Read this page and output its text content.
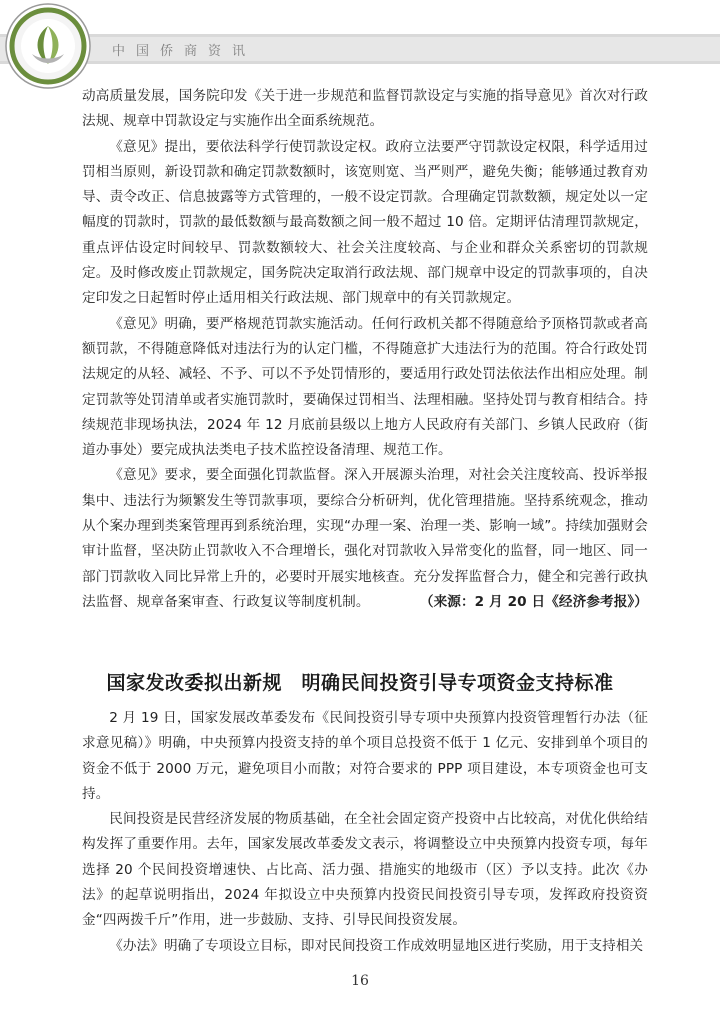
中国侨商资讯

动高质量发展，国务院印发《关于进一步规范和监督罚款设定与实施的指导意见》首次对行政法规、规章中罚款设定与实施作出全面系统规范。

《意见》提出，要依法科学行使罚款设定权。政府立法要严守罚款设定权限，科学适用过罚相当原则，新设罚款和确定罚款数额时，该宽则宽、当严则严，避免失衡；能够通过教育劝导、责令改正、信息披露等方式管理的，一般不设定罚款。合理确定罚款数额，规定处以一定幅度的罚款时，罚款的最低数额与最高数额之间一般不超过 10 倍。定期评估清理罚款规定，重点评估设定时间较早、罚款数额较大、社会关注度较高、与企业和群众关系密切的罚款规定。及时修改废止罚款规定，国务院决定取消行政法规、部门规章中设定的罚款事项的，自决定印发之日起暂时停止适用相关行政法规、部门规章中的有关罚款规定。

《意见》明确，要严格规范罚款实施活动。任何行政机关都不得随意给予顶格罚款或者高额罚款，不得随意降低对违法行为的认定门槛，不得随意扩大违法行为的范围。符合行政处罚法规定的从轻、减轻、不予、可以不予处罚情形的，要适用行政处罚法依法作出相应处理。制定罚款等处罚清单或者实施罚款时，要确保过罚相当、法理相融。坚持处罚与教育相结合。持续规范非现场执法，2024 年 12 月底前县级以上地方人民政府有关部门、乡镇人民政府（街道办事处）要完成执法类电子技术监控设备清理、规范工作。

《意见》要求，要全面强化罚款监督。深入开展源头治理，对社会关注度较高、投诉举报集中、违法行为频繁发生等罚款事项，要综合分析研判，优化管理措施。坚持系统观念，推动从个案办理到类案管理再到系统治理，实现“办理一案、治理一类、影响一域”。持续加强财会审计监督，坚决防止罚款收入不合理增长，强化对罚款收入异常变化的监督，同一地区、同一部门罚款收入同比异常上升的，必要时开展实地核查。充分发挥监督合力，健全和完善行政执法监督、规章备案审查、行政复议等制度机制。	（来源：2 月 20 日《经济参考报》）

国家发改委拟出新规　明确民间投资引导专项资金支持标准

2 月 19 日，国家发展改革委发布《民间投资引导专项中央预算内投资管理暂行办法（征求意见稿）》明确，中央预算内投资支持的单个项目总投资不低于 1 亿元、安排到单个项目的资金不低于 2000 万元，避免项目小而散；对符合要求的 PPP 项目建设，本专项资金也可支持。

民间投资是民营经济发展的物质基础，在全社会固定资产投资中占比较高，对优化供给结构发挥了重要作用。去年，国家发展改革委发文表示，将调整设立中央预算内投资专项，每年选择 20 个民间投资增速快、占比高、活力强、措施实的地级市（区）予以支持。此次《办法》的起草说明指出，2024 年拟设立中央预算内投资民间投资引导专项，发挥政府投资资金“四两拨千斤”作用，进一步鼓励、支持、引导民间投资发展。

《办法》明确了专项设立目标，即对民间投资工作成效明显地区进行奖励，用于支持相关

16
